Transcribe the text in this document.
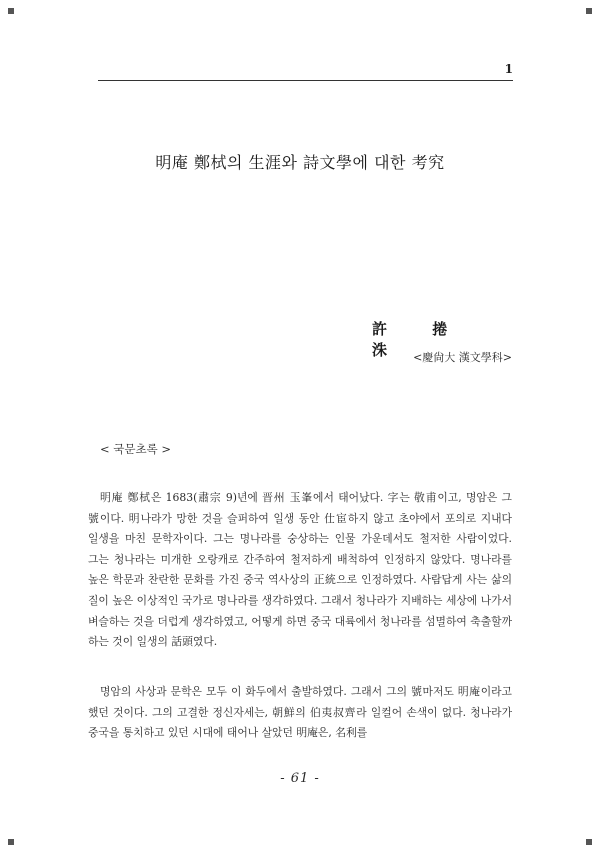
1
明庵 鄭栻의 生涯와 詩文學에 대한 考究
許 捲 洙 <慶尙大 漢文學科>
< 국문초록 >

明庵 鄭栻은 1683(肅宗 9)년에 晋州 玉峯에서 태어났다. 字는 敬甫이고, 명암은 그 號이다. 明나라가 망한 것을 슬퍼하여 일생 동안 仕宦하지 않고 초야에서 포의로 지내다 일생을 마친 문학자이다. 그는 명나라를 숭상하는 인물 가운데서도 철저한 사람이었다. 그는 청나라는 미개한 오랑캐로 간주하여 철저하게 배척하여 인정하지 않았다. 명나라를 높은 학문과 찬란한 문화를 가진 중국 역사상의 正統으로 인정하였다. 사람답게 사는 삶의 질이 높은 이상적인 국가로 명나라를 생각하였다. 그래서 청나라가 지배하는 세상에 나가서 벼슬하는 것을 더럽게 생각하였고, 어떻게 하면 중국 대륙에서 청나라를 섬멸하여 축출할까 하는 것이 일생의 話頭였다.

명암의 사상과 문학은 모두 이 화두에서 출발하였다. 그래서 그의 號마저도 明庵이라고 했던 것이다. 그의 고결한 정신자세는, 朝鮮의 伯夷叔齊라 일컬어 손색이 없다. 청나라가 중국을 통치하고 있던 시대에 태어나 살았던 明庵은, 名利를

- 61 -
